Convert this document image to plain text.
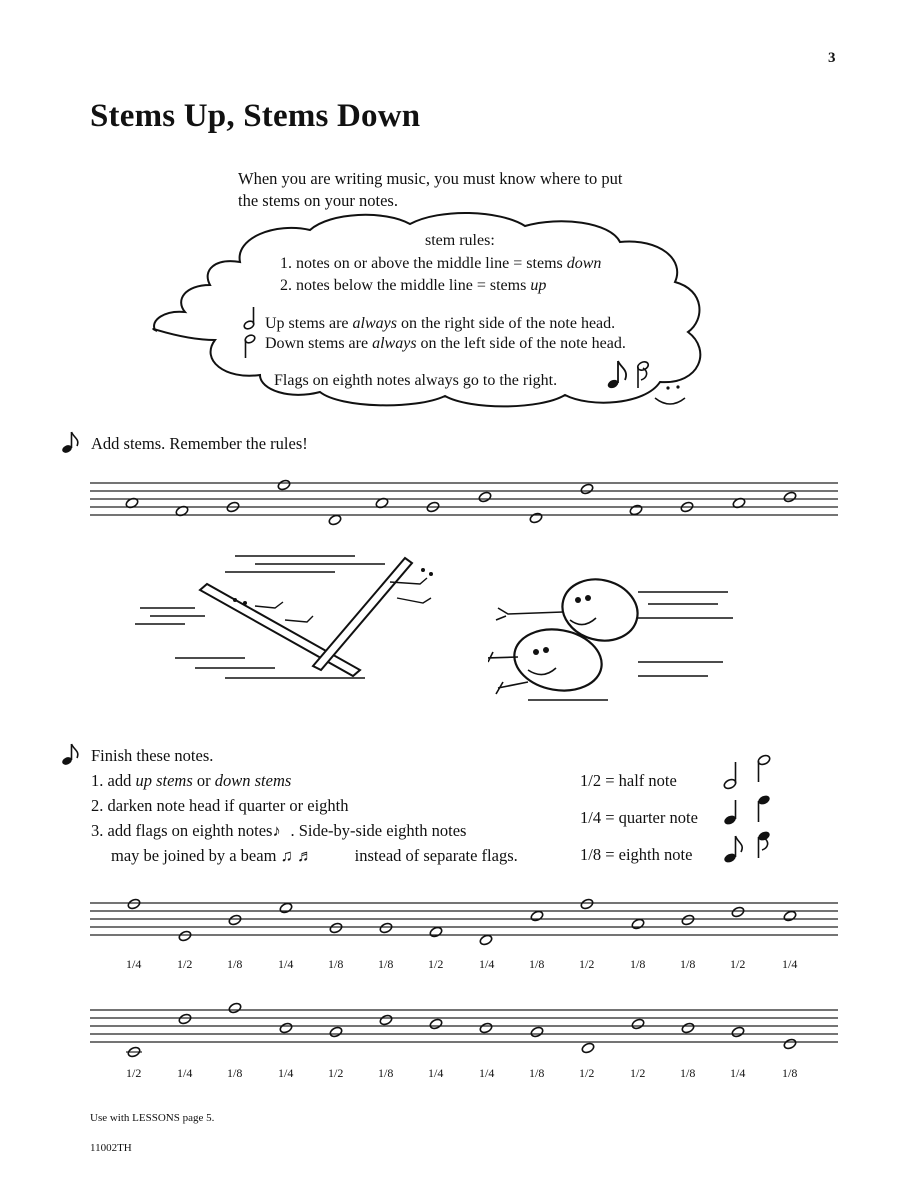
3
Stems Up, Stems Down
When you are writing music, you must know where to put
the stems on your notes.
stem rules:
1. notes on or above the middle line = stems down
2. notes below the middle line = stems up
Up stems are always on the right side of the note head.
Down stems are always on the left side of the note head.
Flags on eighth notes always go to the right.
Add stems. Remember the rules!
Finish these notes.
1. add up stems or down stems
2. darken note head if quarter or eighth
3. add flags on eighth notes♪ . Side-by-side eighth notes
may be joined by a beam ♫ ♬ instead of separate flags.
1/2 = half note
1/4 = quarter note
1/8 = eighth note
1/4	1/2	1/8	1/4	1/8	1/8	1/2	1/4	1/8	1/2	1/8	1/8	1/2	1/4
1/2	1/4	1/8	1/4	1/2	1/8	1/4	1/4	1/8	1/2	1/2	1/8	1/4	1/8
Use with LESSONS page 5.
11002TH
